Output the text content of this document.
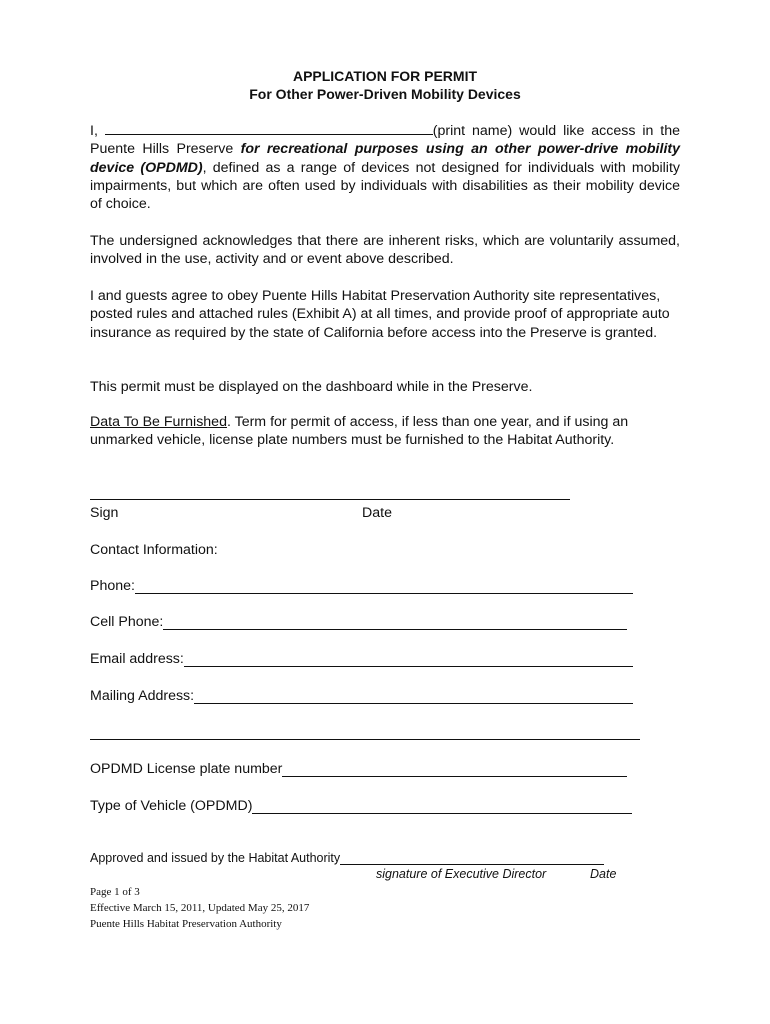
APPLICATION FOR PERMIT
For Other Power-Driven Mobility Devices
I,	(print name) would like access in the Puente Hills Preserve for recreational purposes using an other power-drive mobility device (OPDMD), defined as a range of devices not designed for individuals with mobility impairments, but which are often used by individuals with disabilities as their mobility device of choice.
The undersigned acknowledges that there are inherent risks, which are voluntarily assumed, involved in the use, activity and or event above described.
I and guests agree to obey Puente Hills Habitat Preservation Authority site representatives, posted rules and attached rules (Exhibit A) at all times, and provide proof of appropriate auto insurance as required by the state of California before access into the Preserve is granted.
This permit must be displayed on the dashboard while in the Preserve.
Data To Be Furnished. Term for permit of access, if less than one year, and if using an unmarked vehicle, license plate numbers must be furnished to the Habitat Authority.
Sign	Date
Contact Information:
Phone:
Cell Phone:
Email address:
Mailing Address:
OPDMD License plate number
Type of Vehicle (OPDMD)
Approved and issued by the Habitat Authority
signature of Executive Director	Date
Page 1 of 3
Effective March 15, 2011, Updated May 25, 2017
Puente Hills Habitat Preservation Authority
